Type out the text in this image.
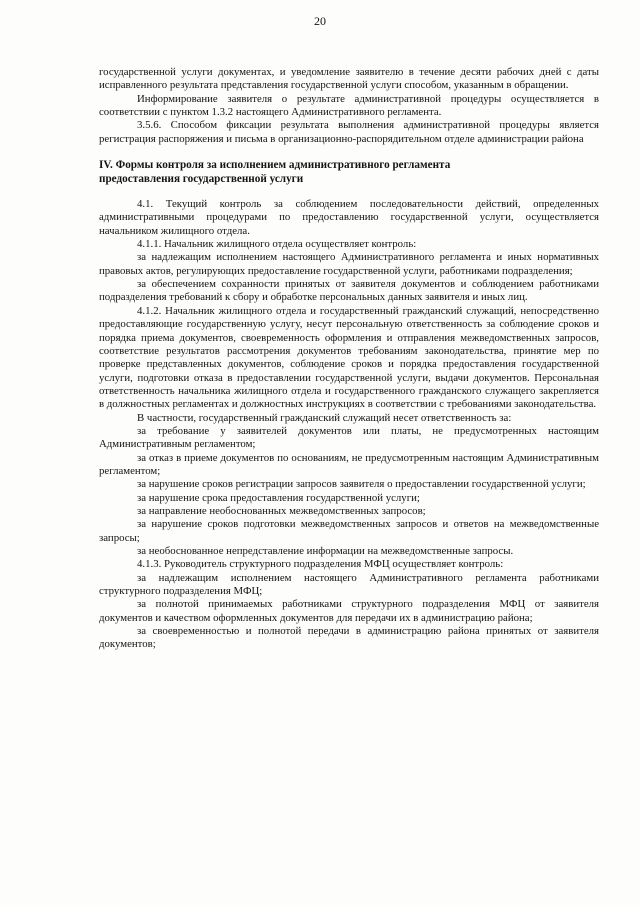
20

государственной услуги документах, и уведомление заявителю в течение десяти рабочих дней с даты исправленного результата представления государственной услуги способом, указанным в обращении.

Информирование заявителя о результате административной процедуры осуществляется в соответствии с пунктом 1.3.2 настоящего Административного регламента.

3.5.6. Способом фиксации результата выполнения административной процедуры является регистрация распоряжения и письма в организационно-распорядительном отделе администрации района

IV. Формы контроля за исполнением административного регламента

предоставления государственной услуги

4.1. Текущий контроль за соблюдением последовательности действий, определенных административными процедурами по предоставлению государственной услуги, осуществляется начальником жилищного отдела.

4.1.1. Начальник жилищного отдела осуществляет контроль:

за надлежащим исполнением настоящего Административного регламента и иных нормативных правовых актов, регулирующих предоставление государственной услуги, работниками подразделения;

за обеспечением сохранности принятых от заявителя документов и соблюдением работниками подразделения требований к сбору и обработке персональных данных заявителя и иных лиц.

4.1.2. Начальник жилищного отдела и государственный гражданский служащий, непосредственно предоставляющие государственную услугу, несут персональную ответственность за соблюдение сроков и порядка приема документов, своевременность оформления и отправления межведомственных запросов, соответствие результатов рассмотрения документов требованиям законодательства, принятие мер по проверке представленных документов, соблюдение сроков и порядка предоставления государственной услуги, подготовки отказа в предоставлении государственной услуги, выдачи документов. Персональная ответственность начальника жилищного отдела и государственного гражданского служащего закрепляется в должностных регламентах и должностных инструкциях в соответствии с требованиями законодательства.

В частности, государственный гражданский служащий несет ответственность за:

за требование у заявителей документов или платы, не предусмотренных настоящим Административным регламентом;

за отказ в приеме документов по основаниям, не предусмотренным настоящим Административным регламентом;

за нарушение сроков регистрации запросов заявителя о предоставлении государственной услуги;

за нарушение срока предоставления государственной услуги;

за направление необоснованных межведомственных запросов;

за нарушение сроков подготовки межведомственных запросов и ответов на межведомственные запросы;

за необоснованное непредставление информации на межведомственные запросы.

4.1.3. Руководитель структурного подразделения МФЦ осуществляет контроль:

за надлежащим исполнением настоящего Административного регламента работниками структурного подразделения МФЦ;

за полнотой принимаемых работниками структурного подразделения МФЦ от заявителя документов и качеством оформленных документов для передачи их в администрацию района;

за своевременностью и полнотой передачи в администрацию района принятых от заявителя документов;
